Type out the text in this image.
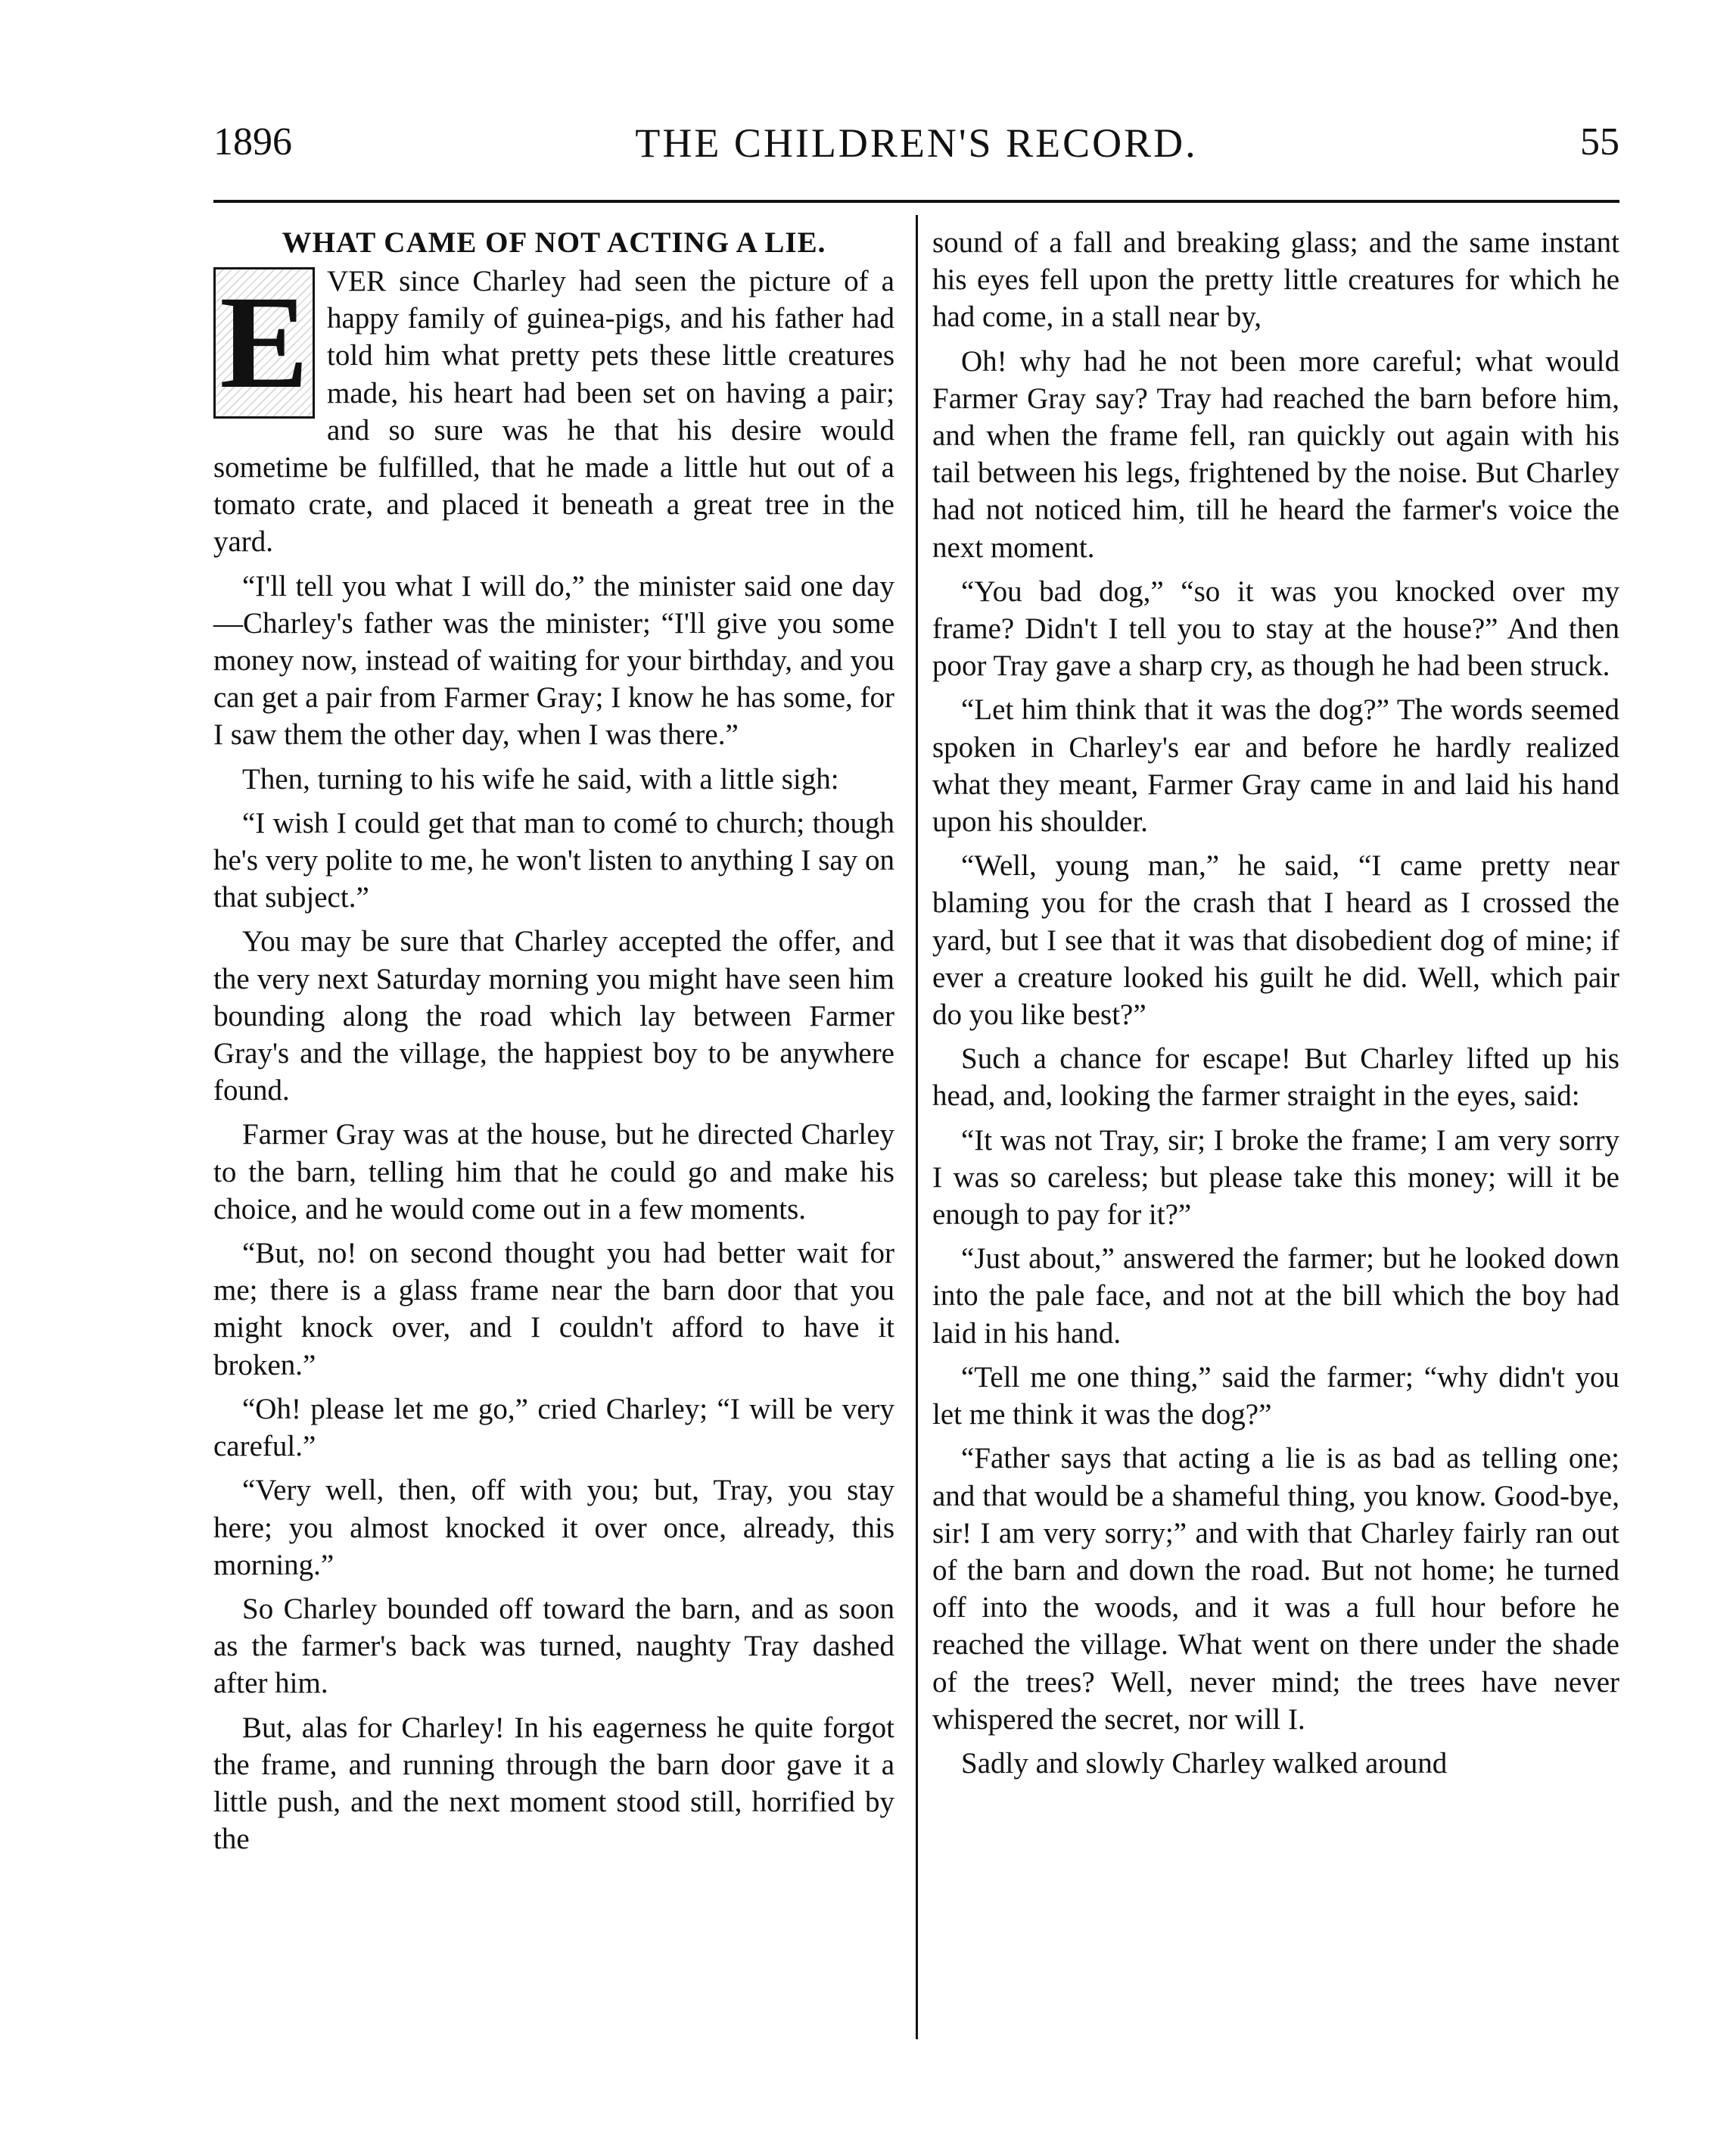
1896	THE CHILDREN'S RECORD.	55
WHAT CAME OF NOT ACTING A LIE.

E VER since Charley had seen the picture of a happy family of guinea-pigs, and his father had told him what pretty pets these little creatures made, his heart had been set on having a pair; and so sure was he that his desire would sometime be fulfilled, that he made a little hut out of a tomato crate, and placed it beneath a great tree in the yard.

“I'll tell you what I will do,” the minister said one day—Charley's father was the minister; “I'll give you some money now, instead of waiting for your birthday, and you can get a pair from Farmer Gray; I know he has some, for I saw them the other day, when I was there.”

Then, turning to his wife he said, with a little sigh:

“I wish I could get that man to comé to church; though he's very polite to me, he won't listen to anything I say on that subject.”

You may be sure that Charley accepted the offer, and the very next Saturday morning you might have seen him bounding along the road which lay between Farmer Gray's and the village, the happiest boy to be anywhere found.

Farmer Gray was at the house, but he directed Charley to the barn, telling him that he could go and make his choice, and he would come out in a few moments.

“But, no! on second thought you had better wait for me; there is a glass frame near the barn door that you might knock over, and I couldn't afford to have it broken.”

“Oh! please let me go,” cried Charley; “I will be very careful.”

“Very well, then, off with you; but, Tray, you stay here; you almost knocked it over once, already, this morning.”

So Charley bounded off toward the barn, and as soon as the farmer's back was turned, naughty Tray dashed after him.

But, alas for Charley! In his eagerness he quite forgot the frame, and running through the barn door gave it a little push, and the next moment stood still, horrified by the

sound of a fall and breaking glass; and the same instant his eyes fell upon the pretty little creatures for which he had come, in a stall near by,

Oh! why had he not been more careful; what would Farmer Gray say? Tray had reached the barn before him, and when the frame fell, ran quickly out again with his tail between his legs, frightened by the noise. But Charley had not noticed him, till he heard the farmer's voice the next moment.

“You bad dog,” “so it was you knocked over my frame? Didn't I tell you to stay at the house?” And then poor Tray gave a sharp cry, as though he had been struck.

“Let him think that it was the dog?” The words seemed spoken in Charley's ear and before he hardly realized what they meant, Farmer Gray came in and laid his hand upon his shoulder.

“Well, young man,” he said, “I came pretty near blaming you for the crash that I heard as I crossed the yard, but I see that it was that disobedient dog of mine; if ever a creature looked his guilt he did. Well, which pair do you like best?”

Such a chance for escape! But Charley lifted up his head, and, looking the farmer straight in the eyes, said:

“It was not Tray, sir; I broke the frame; I am very sorry I was so careless; but please take this money; will it be enough to pay for it?”

“Just about,” answered the farmer; but he looked down into the pale face, and not at the bill which the boy had laid in his hand.

“Tell me one thing,” said the farmer; “why didn't you let me think it was the dog?”

“Father says that acting a lie is as bad as telling one; and that would be a shameful thing, you know. Good-bye, sir! I am very sorry;” and with that Charley fairly ran out of the barn and down the road. But not home; he turned off into the woods, and it was a full hour before he reached the village. What went on there under the shade of the trees? Well, never mind; the trees have never whispered the secret, nor will I.

Sadly and slowly Charley walked around
